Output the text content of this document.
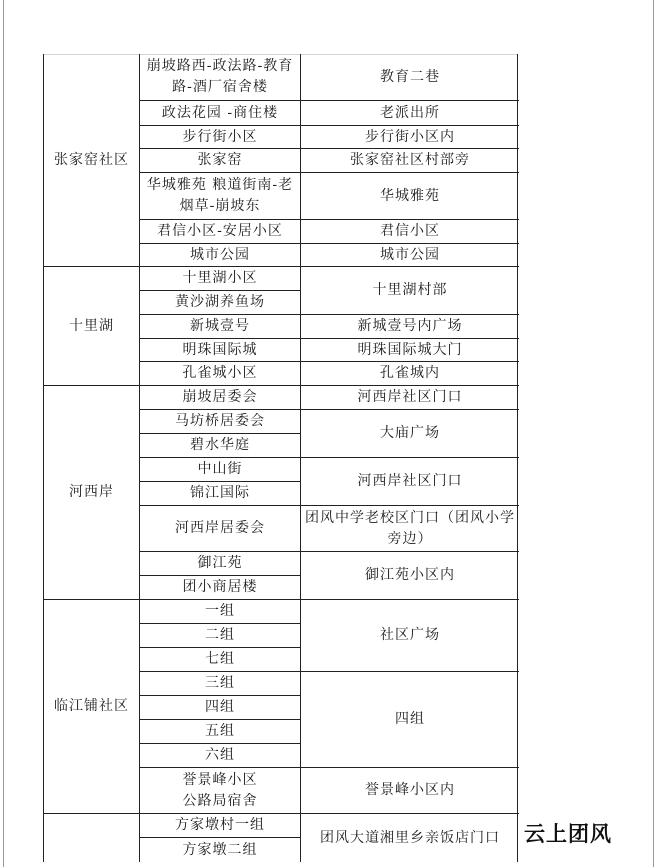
张家窑社区
十里湖
河西岸
临江铺社区
……
崩坡路西-政法路-教育路-酒厂宿舍楼
政法花园 -商住楼
步行街小区
张家窑
华城雅苑 粮道街南-老烟草-崩坡东
君信小区-安居小区
城市公园
十里湖小区
黄沙湖养鱼场
新城壹号
明珠国际城
孔雀城小区
崩坡居委会
马坊桥居委会
碧水华庭
中山街
锦江国际
河西岸居委会
御江苑
团小商居楼
一组
二组
七组
三组
四组
五组
六组
誉景峰小区
公路局宿舍
方家墩村一组
方家墩二组
教育二巷
老派出所
步行街小区内
张家窑社区村部旁
华城雅苑
君信小区
城市公园
十里湖村部
新城壹号内广场
明珠国际城大门
孔雀城内
河西岸社区门口
大庙广场
河西岸社区门口
团风中学老校区门口（团风小学旁边）
御江苑小区内
社区广场
四组
誉景峰小区内
团风大道湘里乡亲饭店门口	云上团风
